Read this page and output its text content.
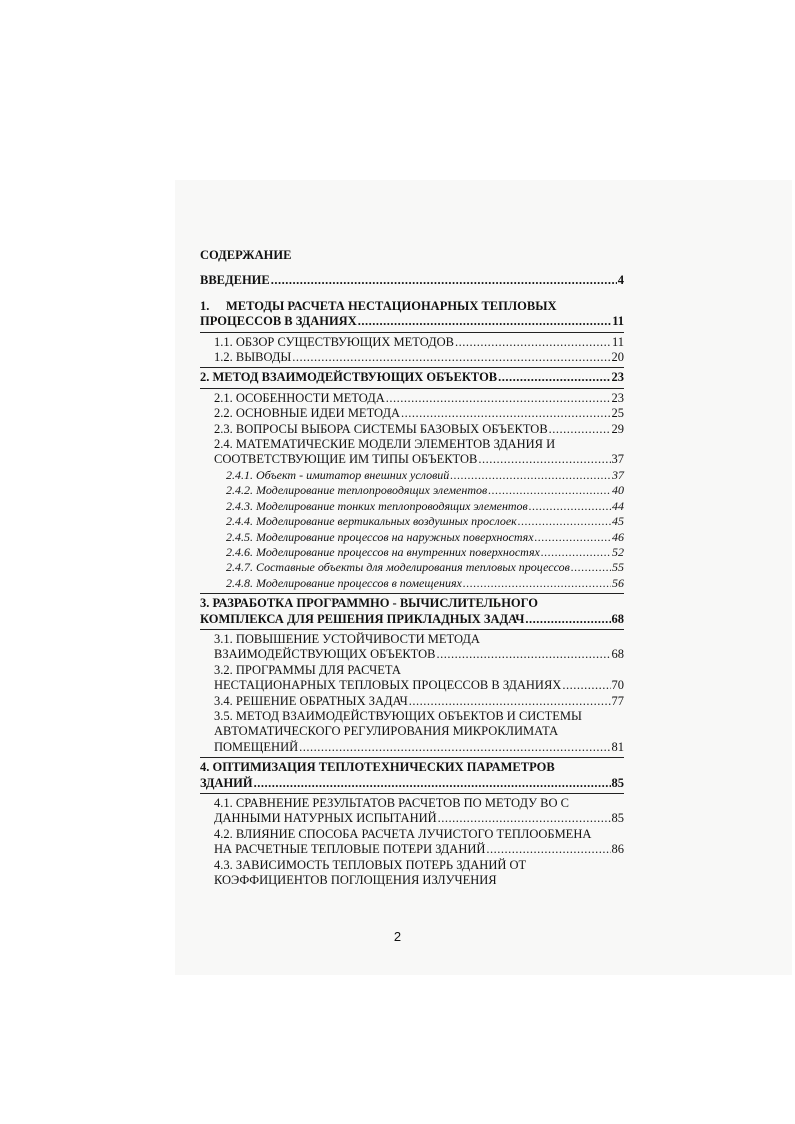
СОДЕРЖАНИЕ
ВВЕДЕНИЕ .....	4
1. МЕТОДЫ РАСЧЕТА НЕСТАЦИОНАРНЫХ ТЕПЛОВЫХ
ПРОЦЕССОВ В ЗДАНИЯХ .....	11
1.1. ОБЗОР СУЩЕСТВУЮЩИХ МЕТОДОВ .....	11
1.2. ВЫВОДЫ .....	20
2. МЕТОД ВЗАИМОДЕЙСТВУЮЩИХ ОБЪЕКТОВ .....	23
2.1. ОСОБЕННОСТИ МЕТОДА .....	23
2.2. ОСНОВНЫЕ ИДЕИ МЕТОДА .....	25
2.3. ВОПРОСЫ ВЫБОРА СИСТЕМЫ БАЗОВЫХ ОБЪЕКТОВ .....	29
2.4. МАТЕМАТИЧЕСКИЕ МОДЕЛИ ЭЛЕМЕНТОВ ЗДАНИЯ И
СООТВЕТСТВУЮЩИЕ ИМ ТИПЫ ОБЪЕКТОВ .....	37
2.4.1. Объект - имитатор внешних условий .....	37
2.4.2. Моделирование теплопроводящих элементов .....	40
2.4.3. Моделирование тонких теплопроводящих элементов .....	44
2.4.4. Моделирование вертикальных воздушных прослоек .....	45
2.4.5. Моделирование процессов на наружных поверхностях .....	46
2.4.6. Моделирование процессов на внутренних поверхностях .....	52
2.4.7. Составные объекты для моделирования тепловых процессов .....	55
2.4.8. Моделирование процессов в помещениях .....	56
3. РАЗРАБОТКА ПРОГРАММНО - ВЫЧИСЛИТЕЛЬНОГО
КОМПЛЕКСА ДЛЯ РЕШЕНИЯ ПРИКЛАДНЫХ ЗАДАЧ .....	68
3.1. ПОВЫШЕНИЕ УСТОЙЧИВОСТИ МЕТОДА
ВЗАИМОДЕЙСТВУЮЩИХ ОБЪЕКТОВ .....	68
3.2. ПРОГРАММЫ ДЛЯ РАСЧЕТА
НЕСТАЦИОНАРНЫХ ТЕПЛОВЫХ ПРОЦЕССОВ В ЗДАНИЯХ .....	70
3.4. РЕШЕНИЕ ОБРАТНЫХ ЗАДАЧ .....	77
3.5. МЕТОД ВЗАИМОДЕЙСТВУЮЩИХ ОБЪЕКТОВ И СИСТЕМЫ
АВТОМАТИЧЕСКОГО РЕГУЛИРОВАНИЯ МИКРОКЛИМАТА
ПОМЕЩЕНИЙ .....	81
4. ОПТИМИЗАЦИЯ ТЕПЛОТЕХНИЧЕСКИХ ПАРАМЕТРОВ
ЗДАНИЙ .....	85
4.1. СРАВНЕНИЕ РЕЗУЛЬТАТОВ РАСЧЕТОВ ПО МЕТОДУ ВО С
ДАННЫМИ НАТУРНЫХ ИСПЫТАНИЙ .....	85
4.2. ВЛИЯНИЕ СПОСОБА РАСЧЕТА ЛУЧИСТОГО ТЕПЛООБМЕНА
НА РАСЧЕТНЫЕ ТЕПЛОВЫЕ ПОТЕРИ ЗДАНИЙ .....	86
4.3. ЗАВИСИМОСТЬ ТЕПЛОВЫХ ПОТЕРЬ ЗДАНИЙ ОТ
КОЭФФИЦИЕНТОВ ПОГЛОЩЕНИЯ ИЗЛУЧЕНИЯ
2
